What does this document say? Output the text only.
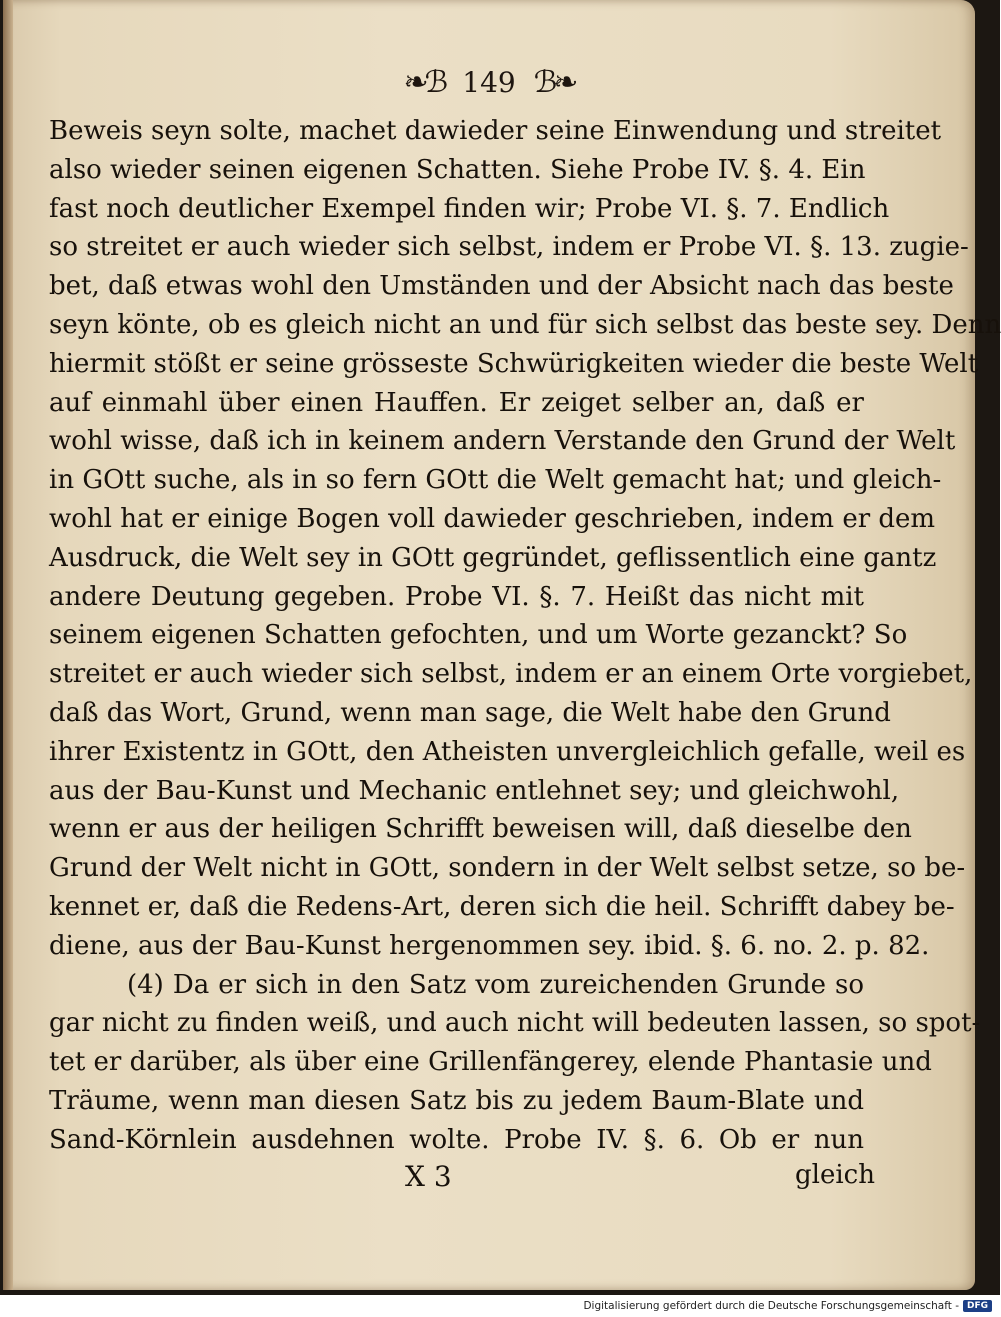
❧ℬ 149 ℬ❧
Beweis seyn solte, machet dawieder seine Einwendung und streitet
also wieder seinen eigenen Schatten. Siehe Probe IV. §. 4. Ein
fast noch deutlicher Exempel finden wir; Probe VI. §. 7. Endlich
so streitet er auch wieder sich selbst, indem er Probe VI. §. 13. zugie-
bet, daß etwas wohl den Umständen und der Absicht nach das beste
seyn könte, ob es gleich nicht an und für sich selbst das beste sey. Denn
hiermit stößt er seine grösseste Schwürigkeiten wieder die beste Welt
auf einmahl über einen Hauffen. Er zeiget selber an, daß er
wohl wisse, daß ich in keinem andern Verstande den Grund der Welt
in GOtt suche, als in so fern GOtt die Welt gemacht hat; und gleich-
wohl hat er einige Bogen voll dawieder geschrieben, indem er dem
Ausdruck, die Welt sey in GOtt gegründet, geflissentlich eine gantz
andere Deutung gegeben. Probe VI. §. 7. Heißt das nicht mit
seinem eigenen Schatten gefochten, und um Worte gezanckt? So
streitet er auch wieder sich selbst, indem er an einem Orte vorgiebet,
daß das Wort, Grund, wenn man sage, die Welt habe den Grund
ihrer Existentz in GOtt, den Atheisten unvergleichlich gefalle, weil es
aus der Bau-Kunst und Mechanic entlehnet sey; und gleichwohl,
wenn er aus der heiligen Schrifft beweisen will, daß dieselbe den
Grund der Welt nicht in GOtt, sondern in der Welt selbst setze, so be-
kennet er, daß die Redens-Art, deren sich die heil. Schrifft dabey be-
diene, aus der Bau-Kunst hergenommen sey. ibid. §. 6. no. 2. p. 82.
(4) Da er sich in den Satz vom zureichenden Grunde so
gar nicht zu finden weiß, und auch nicht will bedeuten lassen, so spot-
tet er darüber, als über eine Grillenfängerey, elende Phantasie und
Träume, wenn man diesen Satz bis zu jedem Baum-Blate und
Sand-Körnlein ausdehnen wolte. Probe IV. §. 6. Ob er nun
X 3	gleich
Digitalisierung gefördert durch die Deutsche Forschungsgemeinschaft - DFG
